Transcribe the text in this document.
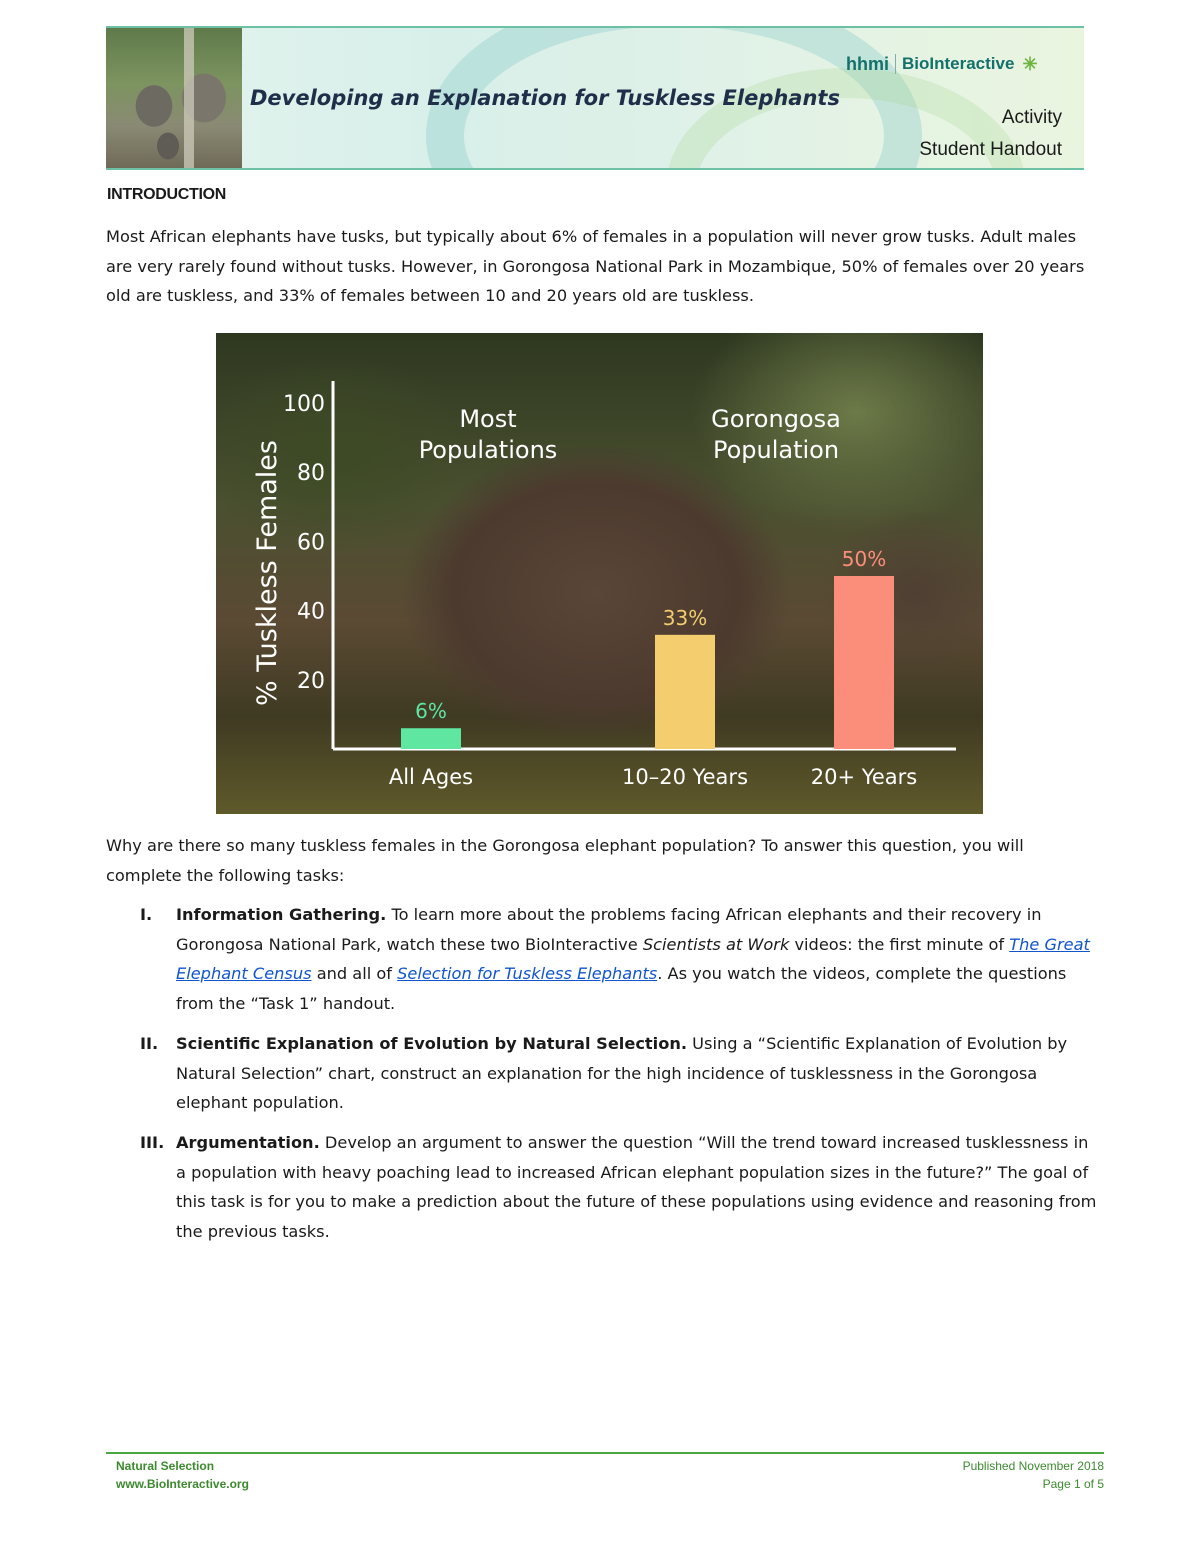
Developing an Explanation for Tuskless Elephants
hhmi BioInteractive ✳
Activity
Student Handout
INTRODUCTION
Most African elephants have tusks, but typically about 6% of females in a population will never grow tusks. Adult males are very rarely found without tusks. However, in Gorongosa National Park in Mozambique, 50% of females over 20 years old are tuskless, and 33% of females between 10 and 20 years old are tuskless.
20
40
60
80
100
% Tuskless Females
Most Populations
Gorongosa Population
6%
All Ages
33%
10–20 Years
50%
20+ Years
Why are there so many tuskless females in the Gorongosa elephant population? To answer this question, you will complete the following tasks:
I.	Information Gathering. To learn more about the problems facing African elephants and their recovery in Gorongosa National Park, watch these two BioInteractive Scientists at Work videos: the first minute of The Great Elephant Census and all of Selection for Tuskless Elephants. As you watch the videos, complete the questions from the “Task 1” handout.
II.	Scientific Explanation of Evolution by Natural Selection. Using a “Scientific Explanation of Evolution by Natural Selection” chart, construct an explanation for the high incidence of tusklessness in the Gorongosa elephant population.
III. Argumentation. Develop an argument to answer the question “Will the trend toward increased tusklessness in a population with heavy poaching lead to increased African elephant population sizes in the future?” The goal of this task is for you to make a prediction about the future of these populations using evidence and reasoning from the previous tasks.
Natural Selection
www.BioInteractive.org
Published November 2018
Page 1 of 5
